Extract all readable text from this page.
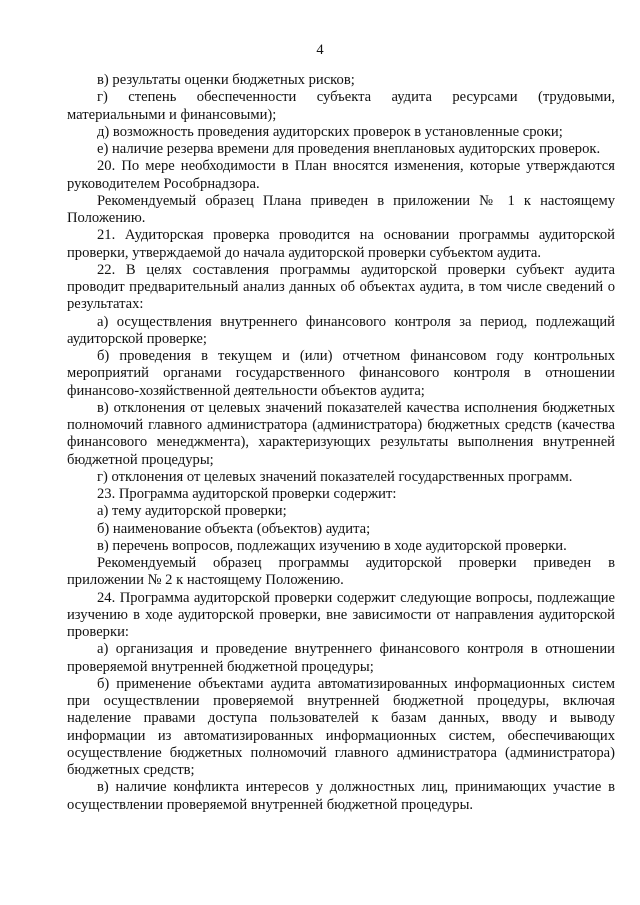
4

в) результаты оценки бюджетных рисков;

г) степень обеспеченности субъекта аудита ресурсами (трудовыми, материальными и финансовыми);

д) возможность проведения аудиторских проверок в установленные сроки;

е) наличие резерва времени для проведения внеплановых аудиторских проверок.

20. По мере необходимости в План вносятся изменения, которые утверждаются руководителем Рособрнадзора.

Рекомендуемый образец Плана приведен в приложении № 1 к настоящему Положению.

21. Аудиторская проверка проводится на основании программы аудиторской проверки, утверждаемой до начала аудиторской проверки субъектом аудита.

22. В целях составления программы аудиторской проверки субъект аудита проводит предварительный анализ данных об объектах аудита, в том числе сведений о результатах:

а) осуществления внутреннего финансового контроля за период, подлежащий аудиторской проверке;

б) проведения в текущем и (или) отчетном финансовом году контрольных мероприятий органами государственного финансового контроля в отношении финансово-хозяйственной деятельности объектов аудита;

в) отклонения от целевых значений показателей качества исполнения бюджетных полномочий главного администратора (администратора) бюджетных средств (качества финансового менеджмента), характеризующих результаты выполнения внутренней бюджетной процедуры;

г) отклонения от целевых значений показателей государственных программ.

23. Программа аудиторской проверки содержит:

а) тему аудиторской проверки;

б) наименование объекта (объектов) аудита;

в) перечень вопросов, подлежащих изучению в ходе аудиторской проверки.

Рекомендуемый образец программы аудиторской проверки приведен в приложении № 2 к настоящему Положению.

24. Программа аудиторской проверки содержит следующие вопросы, подлежащие изучению в ходе аудиторской проверки, вне зависимости от направления аудиторской проверки:

а) организация и проведение внутреннего финансового контроля в отношении проверяемой внутренней бюджетной процедуры;

б) применение объектами аудита автоматизированных информационных систем при осуществлении проверяемой внутренней бюджетной процедуры, включая наделение правами доступа пользователей к базам данных, вводу и выводу информации из автоматизированных информационных систем, обеспечивающих осуществление бюджетных полномочий главного администратора (администратора) бюджетных средств;

в) наличие конфликта интересов у должностных лиц, принимающих участие в осуществлении проверяемой внутренней бюджетной процедуры.
